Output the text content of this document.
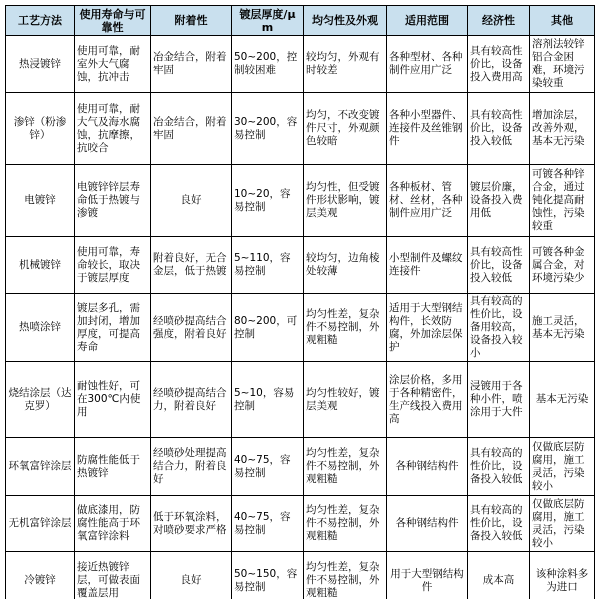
工艺方法	使用寿命与可靠性	附着性	镀层厚度/μm	均匀性及外观	适用范围	经济性	其他
热浸镀锌	使用可靠，耐室外大气腐蚀，抗冲击	冶金结合，附着牢固	50~200，控制较困难	较均匀，外观有时较差	各种型材、各种制件应用广泛	具有较高性价比，设备投入费用高	溶剂法较锌铝合金困难，环境污染较重
渗锌（粉渗锌）	使用可靠，耐大气及海水腐蚀，抗摩擦，抗咬合	冶金结合，附着牢固	30~200，容易控制	均匀，不改变镀件尺寸，外观颜色较暗	各种小型器件、连接件及丝锥钢件	具有较高性价比，设备投入较低	增加涂层，改善外观，基本无污染
电镀锌	电镀锌锌层寿命低于热镀与渗镀	良好	10~20，容易控制	均匀性，但受镀件形状影响，镀层美观	各种板材、管材、丝材，各种制件应用广泛	镀层价廉，设备投入费用低	可镀各种锌合金，通过钝化提高耐蚀性，污染较重
机械镀锌	使用可靠，寿命较长，取决于镀层厚度	附着良好，无合金层，低于热镀	5~110，容易控制	较均匀，边角棱处较薄	小型制件及螺纹连接件	具有较高性价比，设备投入较低	可镀各种金属合金，对环境污染少
热喷涂锌	镀层多孔，需加封闭，增加厚度，可提高寿命	经喷砂提高结合强度，附着良好	80~200，可控制	均匀性差，复杂件不易控制，外观粗糙	适用于大型钢结构件，长效防腐，外加涂层保护	具有较高的性价比，设备用较高，设备投入较小	施工灵活，基本无污染
烧结涂层（达克罗）	耐蚀性好，可在300℃内使用	经喷砂提高结合力，附着良好	5~10，容易控制	均匀性较好，镀层美观	涂层价格，多用于各种精密件，生产线投入费用高	浸镀用于各种小件，喷涂用于大件	基本无污染
环氧富锌涂层	防腐性能低于热镀锌	经喷砂处理提高结合力，附着良好	40~75，容易控制	均匀性差，复杂件不易控制，外观粗糙	各种钢结构件	具有较高的性价比，设备投入较低	仅做底层防腐用，施工灵活，污染较小
无机富锌涂层	做底漆用，防腐性能高于环氧富锌涂料	低于环氧涂料，对喷砂要求严格	40~75，容易控制	均匀性差，复杂件不易控制，外观粗糙	各种钢结构件	具有较高的性价比，设备投入较低	仅做底层防腐用，施工灵活，污染较小
冷镀锌	接近热镀锌层，可做表面覆盖层用	良好	50~150，容易控制	均匀性差，复杂件不易控制，外观粗糙	用于大型钢结构件	成本高	该种涂料多为进口
